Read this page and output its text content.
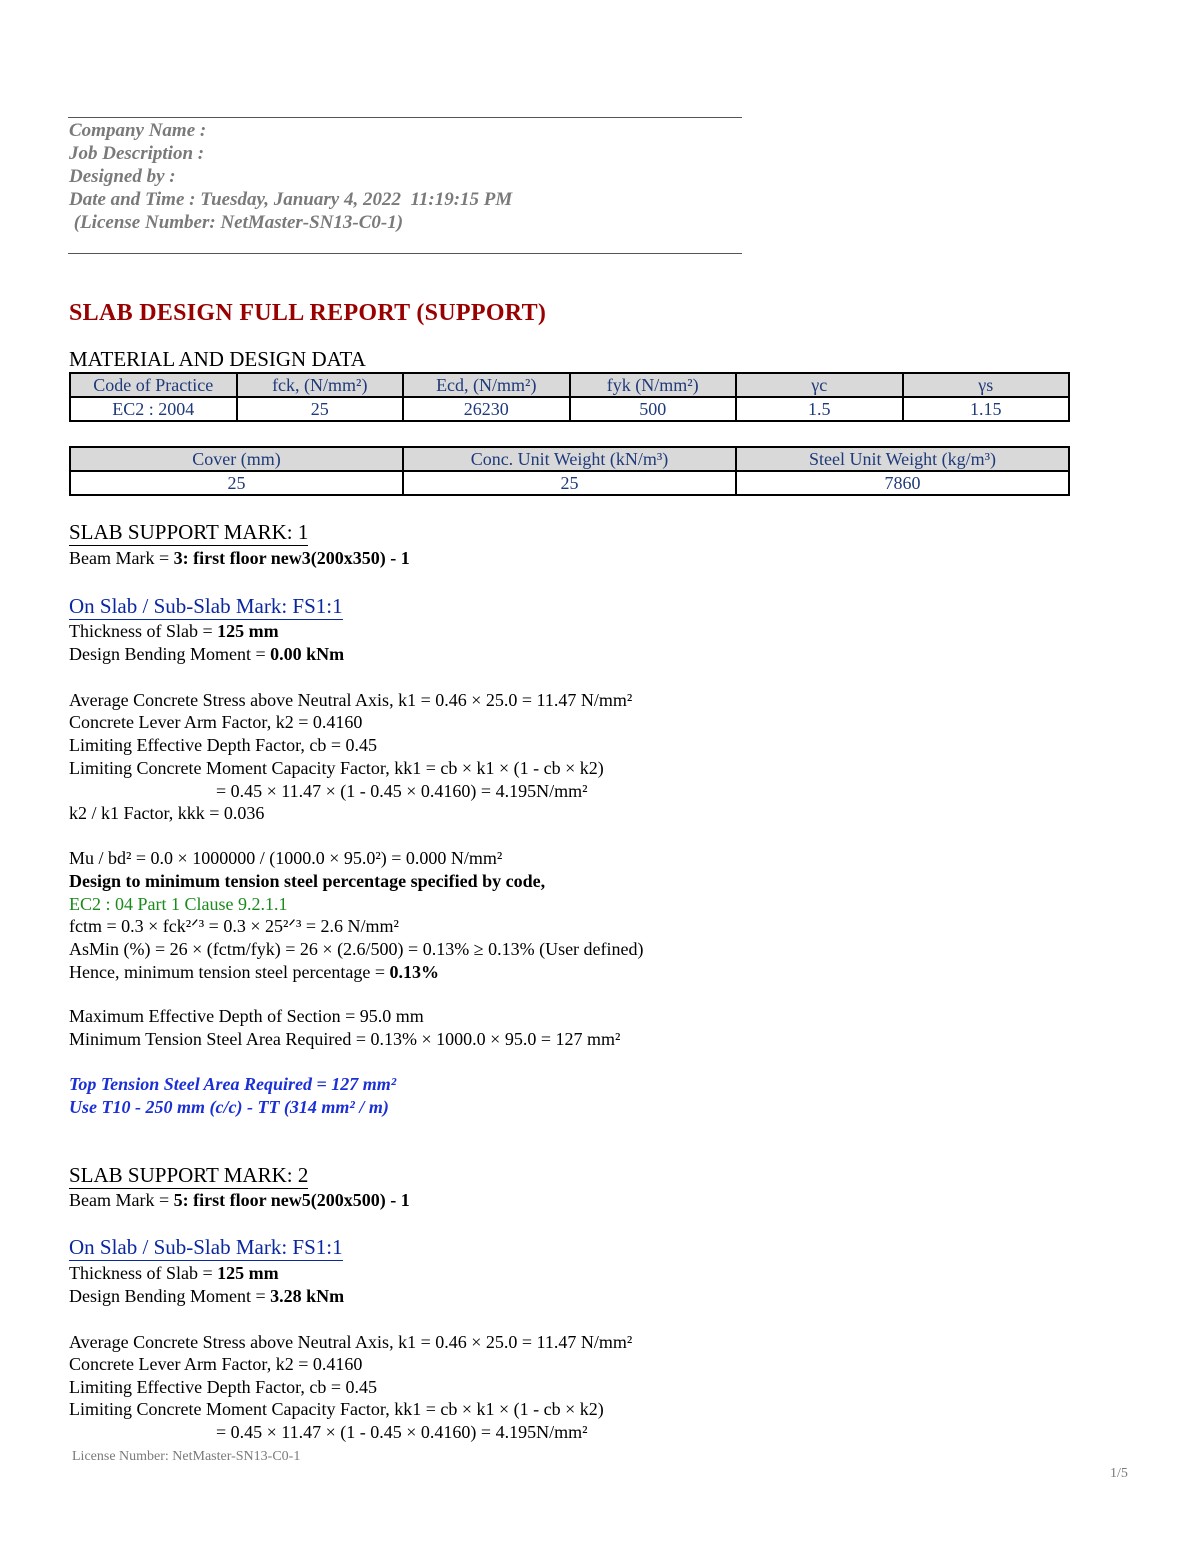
Company Name :
Job Description :
Designed by :
Date and Time : Tuesday, January 4, 2022  11:19:15 PM
(License Number: NetMaster-SN13-C0-1)
SLAB DESIGN FULL REPORT (SUPPORT)
MATERIAL AND DESIGN DATA
Code of Practice	fck, (N/mm²)	Ecd, (N/mm²)	fyk (N/mm²)	γc	γs
EC2 : 2004	25	26230	500	1.5	1.15
Cover (mm)	Conc. Unit Weight (kN/m³)	Steel Unit Weight (kg/m³)
25	25	7860
SLAB SUPPORT MARK: 1
Beam Mark = 3: first floor new3(200x350) - 1
On Slab / Sub-Slab Mark: FS1:1
Thickness of Slab = 125 mm
Design Bending Moment = 0.00 kNm
Average Concrete Stress above Neutral Axis, k1 = 0.46 × 25.0 = 11.47 N/mm²
Concrete Lever Arm Factor, k2 = 0.4160
Limiting Effective Depth Factor, cb = 0.45
Limiting Concrete Moment Capacity Factor, kk1 = cb × k1 × (1 - cb × k2)
= 0.45 × 11.47 × (1 - 0.45 × 0.4160) = 4.195N/mm²
k2 / k1 Factor, kkk = 0.036
Mu / bd² = 0.0 × 1000000 / (1000.0 × 95.0²) = 0.000 N/mm²
Design to minimum tension steel percentage specified by code,
EC2 : 04 Part 1 Clause 9.2.1.1
fctm = 0.3 × fck²ᐟ³ = 0.3 × 25²ᐟ³ = 2.6 N/mm²
AsMin (%) = 26 × (fctm/fyk) = 26 × (2.6/500) = 0.13% ≥ 0.13% (User defined)
Hence, minimum tension steel percentage = 0.13%
Maximum Effective Depth of Section = 95.0 mm
Minimum Tension Steel Area Required = 0.13% × 1000.0 × 95.0 = 127 mm²
Top Tension Steel Area Required = 127 mm²
Use T10 - 250 mm (c/c) - TT (314 mm² / m)
SLAB SUPPORT MARK: 2
Beam Mark = 5: first floor new5(200x500) - 1
On Slab / Sub-Slab Mark: FS1:1
Thickness of Slab = 125 mm
Design Bending Moment = 3.28 kNm
Average Concrete Stress above Neutral Axis, k1 = 0.46 × 25.0 = 11.47 N/mm²
Concrete Lever Arm Factor, k2 = 0.4160
Limiting Effective Depth Factor, cb = 0.45
Limiting Concrete Moment Capacity Factor, kk1 = cb × k1 × (1 - cb × k2)
= 0.45 × 11.47 × (1 - 0.45 × 0.4160) = 4.195N/mm²
License Number: NetMaster-SN13-C0-1
1/5
